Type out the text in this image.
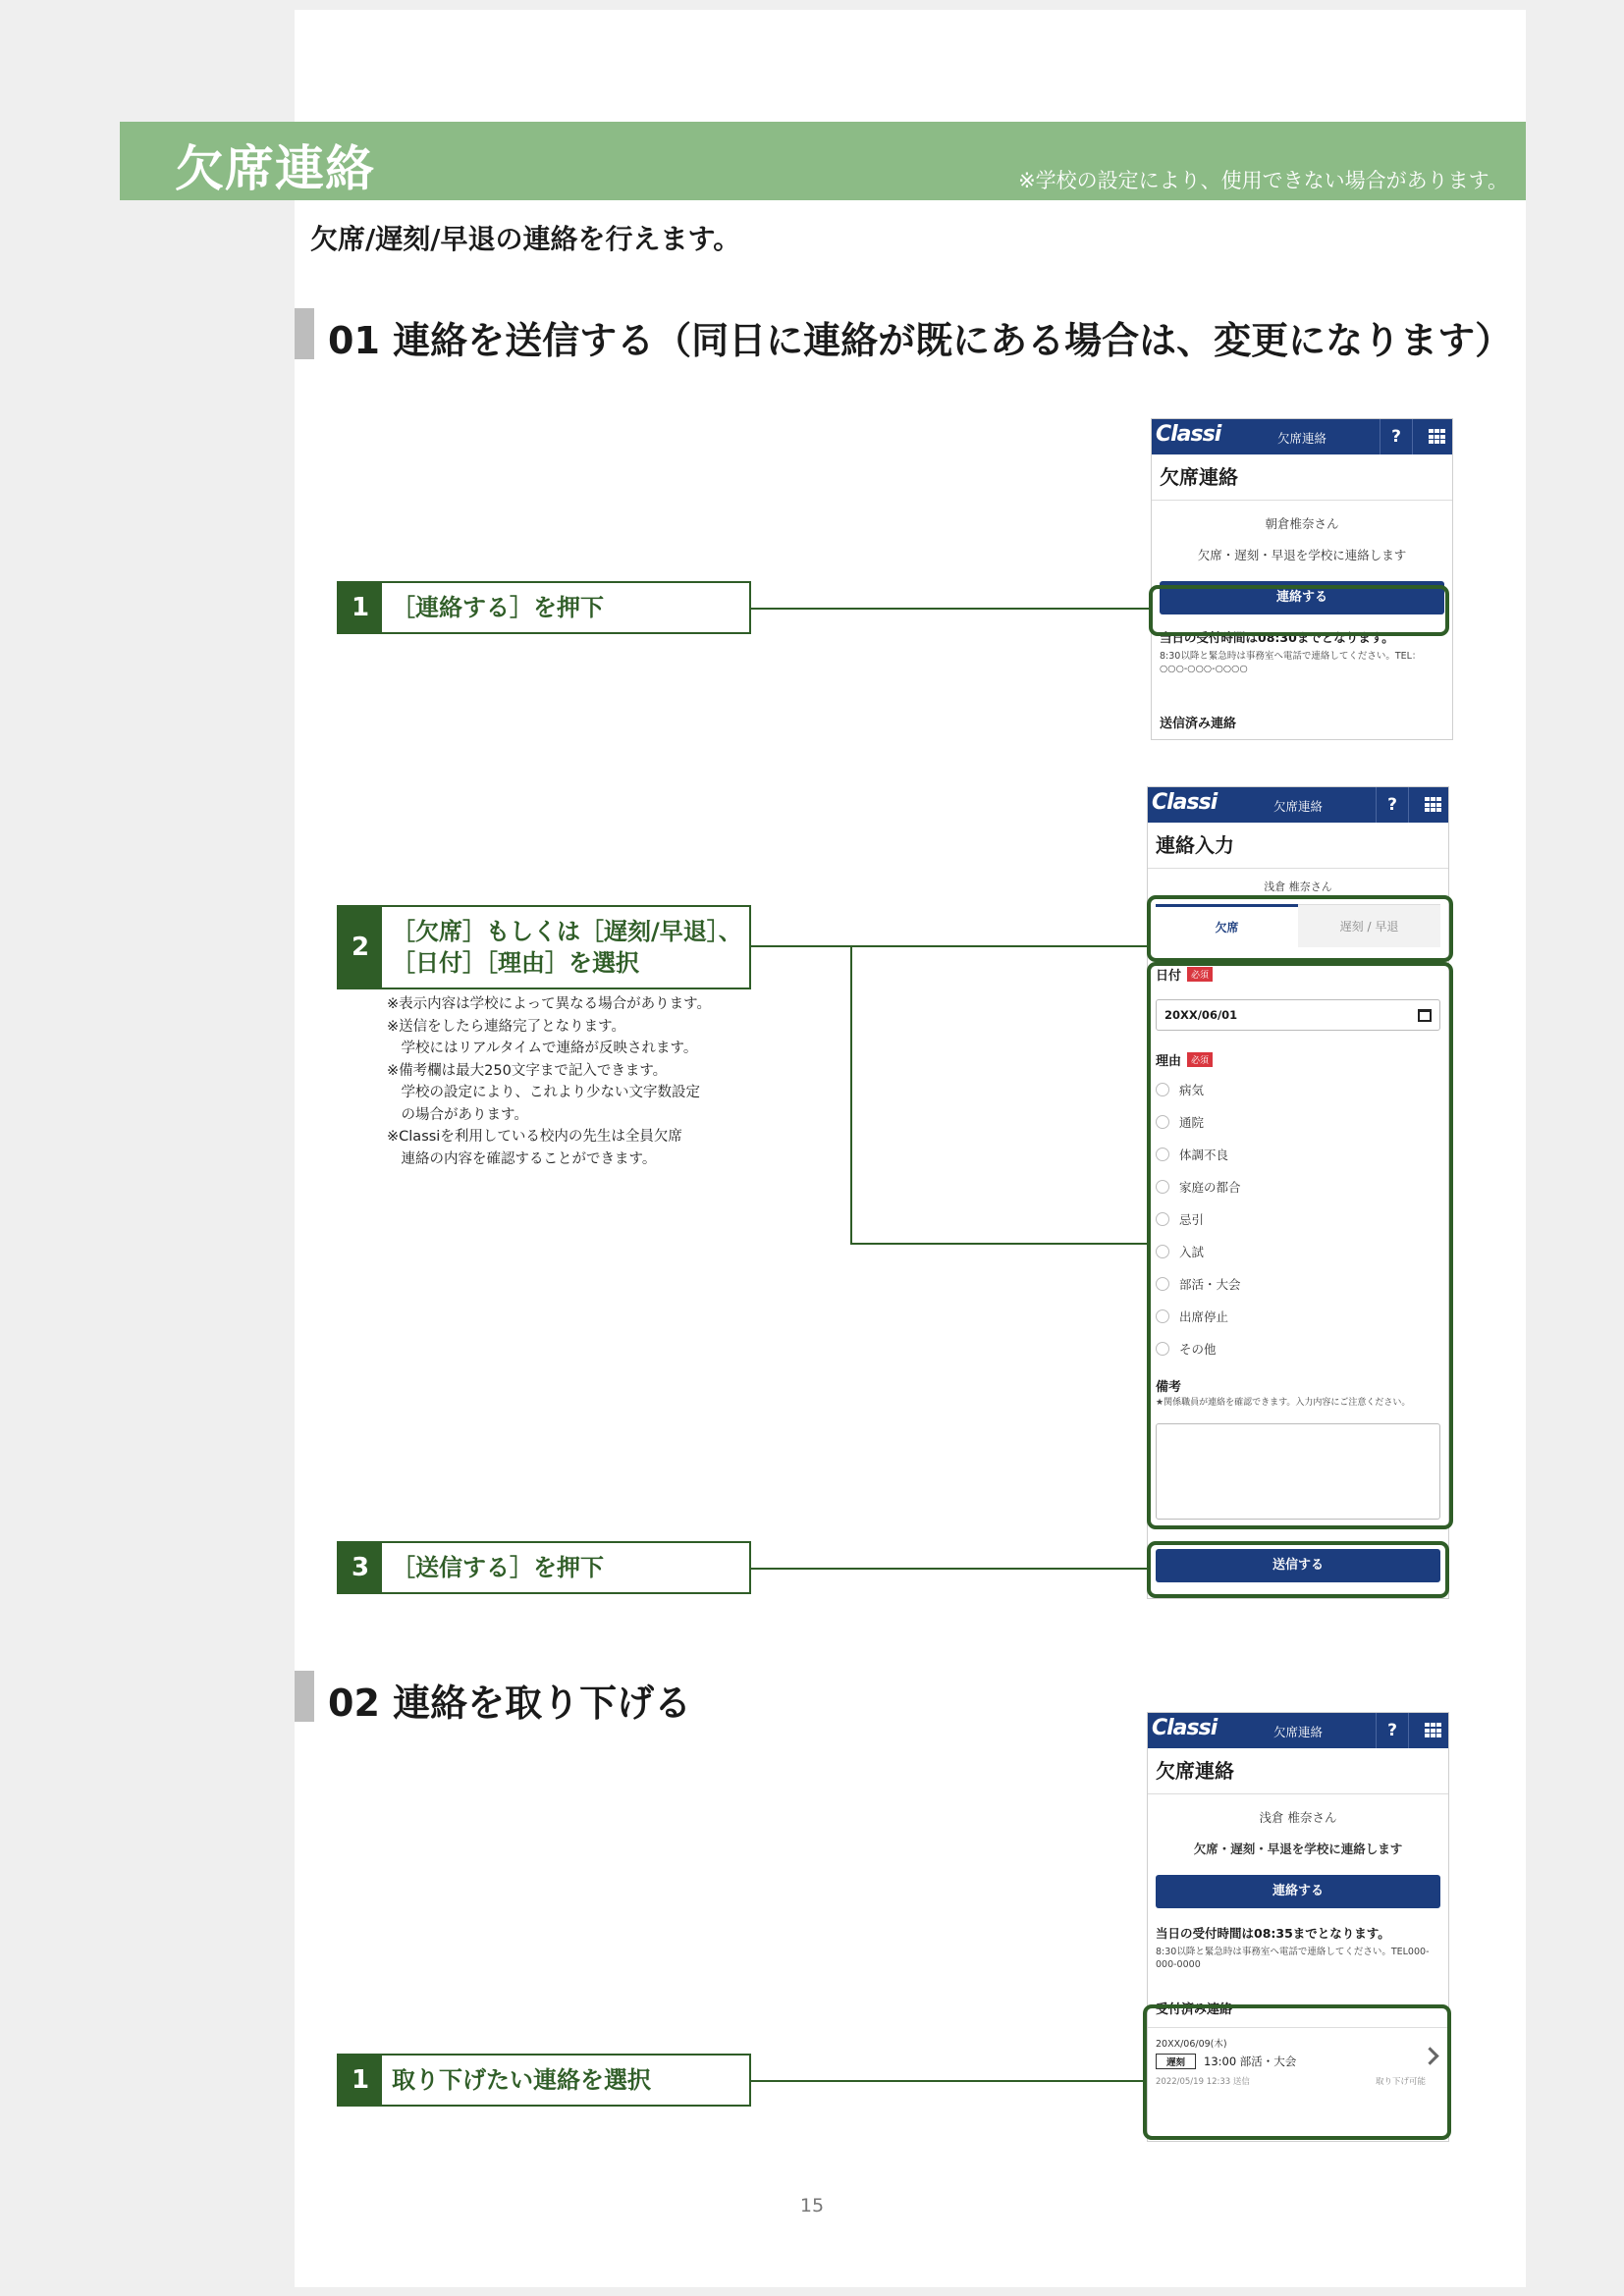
欠席連絡	※学校の設定により、使用できない場合があります。
欠席/遅刻/早退の連絡を行えます。
01 連絡を送信する（同日に連絡が既にある場合は、変更になります）
1 ［連絡する］を押下
2
［欠席］もしくは［遅刻/早退］、
［日付］［理由］を選択
※表示内容は学校によって異なる場合があります。
※送信をしたら連絡完了となります。
　学校にはリアルタイムで連絡が反映されます。
※備考欄は最大250文字まで記入できます。
　学校の設定により、これより少ない文字数設定
　の場合があります。
※Classiを利用している校内の先生は全員欠席
　連絡の内容を確認することができます。
3 ［送信する］を押下
Classi	欠席連絡	?
欠席連絡
朝倉椎奈さん
欠席・遅刻・早退を学校に連絡します
連絡する
当日の受付時間は08:30までとなります。
8:30以降と緊急時は事務室へ電話で連絡してください。TEL：○○○-○○○-○○○○
送信済み連絡
Classi	欠席連絡	?
連絡入力
浅倉 椎奈さん
欠席	遅刻 / 早退
日付 必須
20XX/06/01
理由 必須
病気
通院
体調不良
家庭の都合
忌引
入試
部活・大会
出席停止
その他
備考
★関係職員が連絡を確認できます。入力内容にご注意ください。
送信する
02 連絡を取り下げる
1 取り下げたい連絡を選択
Classi	欠席連絡	?
欠席連絡
浅倉 椎奈さん
欠席・遅刻・早退を学校に連絡します
連絡する
当日の受付時間は08:35までとなります。
8:30以降と緊急時は事務室へ電話で連絡してください。TEL000-000-0000
受付済み連絡
20XX/06/09(木)
遅刻	13:00 部活・大会
2022/05/19 12:33 送信	取り下げ可能
15
